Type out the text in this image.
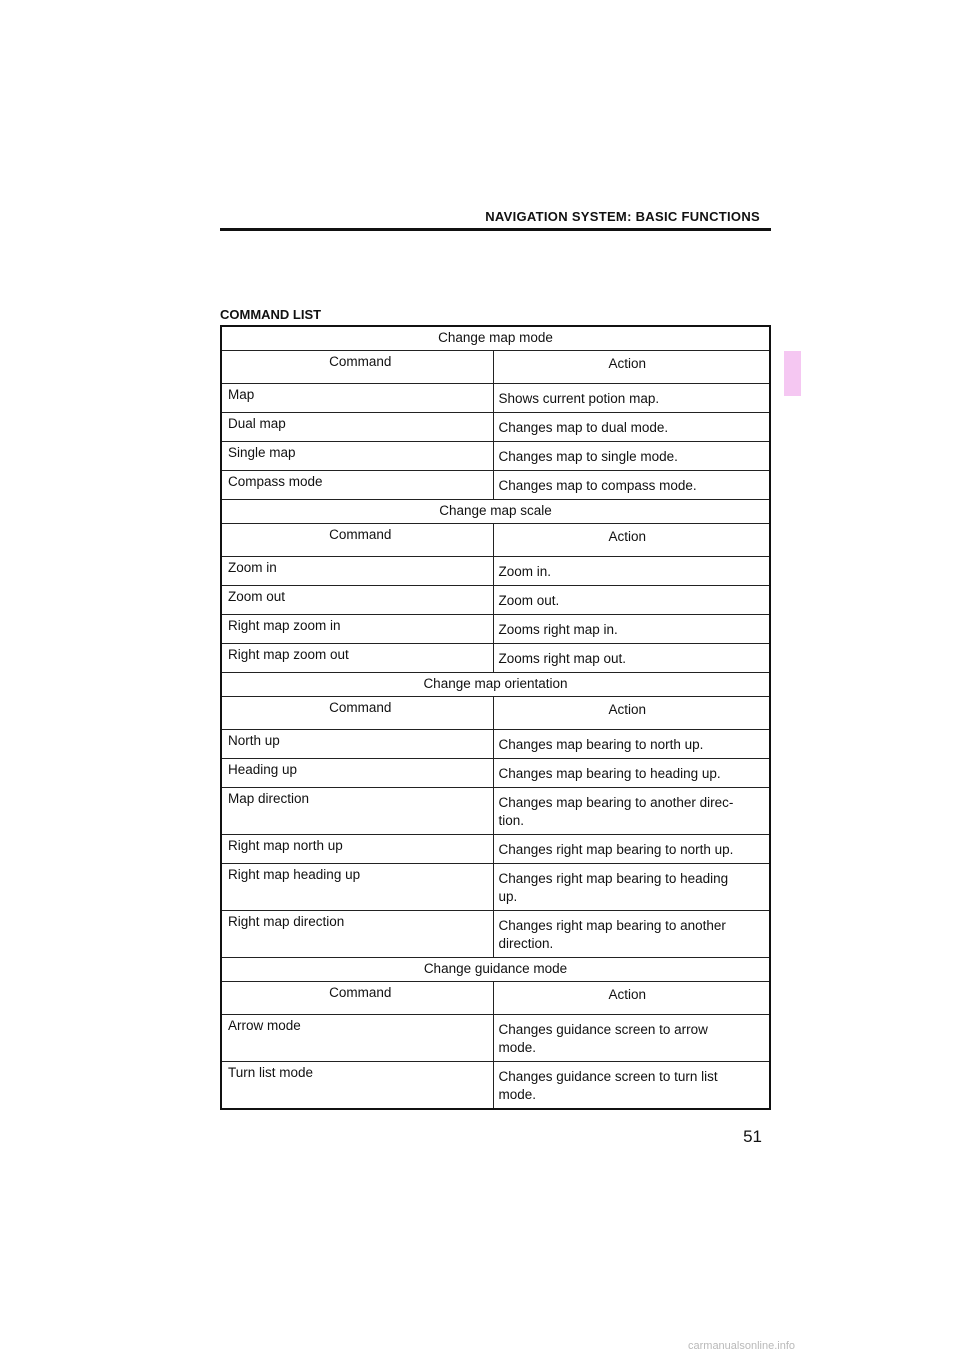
NAVIGATION SYSTEM: BASIC FUNCTIONS
COMMAND LIST
Change map mode	
Command	Action
Map	Shows current potion map.
Dual map	Changes map to dual mode.
Single map	Changes map to single mode.
Compass mode	Changes map to compass mode.
Change map scale	
Command	Action
Zoom in	Zoom in.
Zoom out	Zoom out.
Right map zoom in	Zooms right map in.
Right map zoom out	Zooms right map out.
Change map orientation	
Command	Action
North up	Changes map bearing to north up.
Heading up	Changes map bearing to heading up.
Map direction	Changes map bearing to another direc-
tion.
Right map north up	Changes right map bearing to north up.
Right map heading up	Changes right map bearing to heading
up.
Right map direction	Changes right map bearing to another
direction.
Change guidance mode	
Command	Action
Arrow mode	Changes guidance screen to arrow
mode.
Turn list mode	Changes guidance screen to turn list
mode.
51
carmanualsonline.info
